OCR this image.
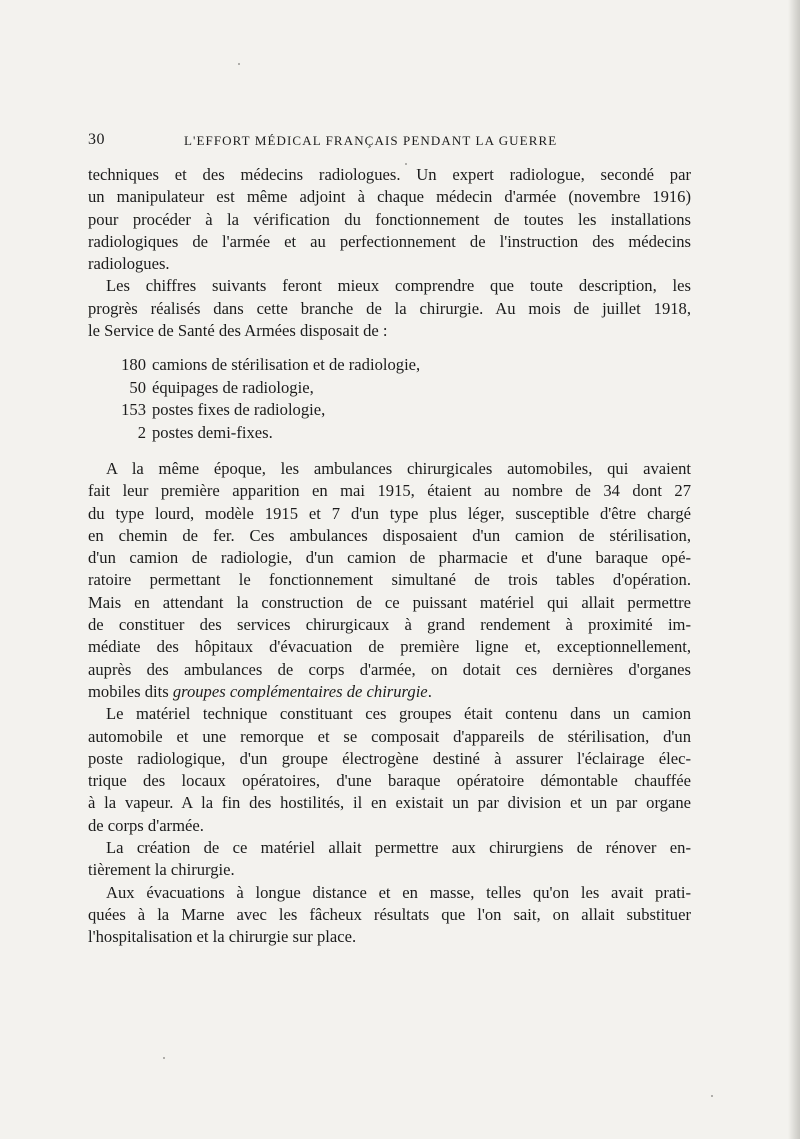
30	L'EFFORT MÉDICAL FRANÇAIS PENDANT LA GUERRE
techniques et des médecins radiologues. Un expert radiologue, secondé par
un manipulateur est même adjoint à chaque médecin d'armée (novembre 1916)
pour procéder à la vérification du fonctionnement de toutes les installations
radiologiques de l'armée et au perfectionnement de l'instruction des médecins
radiologues.
Les chiffres suivants feront mieux comprendre que toute description, les
progrès réalisés dans cette branche de la chirurgie. Au mois de juillet 1918,
le Service de Santé des Armées disposait de :
180 camions de stérilisation et de radiologie,
50 équipages de radiologie,
153 postes fixes de radiologie,
2 postes demi-fixes.
A la même époque, les ambulances chirurgicales automobiles, qui avaient
fait leur première apparition en mai 1915, étaient au nombre de 34 dont 27
du type lourd, modèle 1915 et 7 d'un type plus léger, susceptible d'être chargé
en chemin de fer. Ces ambulances disposaient d'un camion de stérilisation,
d'un camion de radiologie, d'un camion de pharmacie et d'une baraque opé-
ratoire permettant le fonctionnement simultané de trois tables d'opération.
Mais en attendant la construction de ce puissant matériel qui allait permettre
de constituer des services chirurgicaux à grand rendement à proximité im-
médiate des hôpitaux d'évacuation de première ligne et, exceptionnellement,
auprès des ambulances de corps d'armée, on dotait ces dernières d'organes
mobiles dits groupes complémentaires de chirurgie.
Le matériel technique constituant ces groupes était contenu dans un camion
automobile et une remorque et se composait d'appareils de stérilisation, d'un
poste radiologique, d'un groupe électrogène destiné à assurer l'éclairage élec-
trique des locaux opératoires, d'une baraque opératoire démontable chauffée
à la vapeur. A la fin des hostilités, il en existait un par division et un par organe
de corps d'armée.
La création de ce matériel allait permettre aux chirurgiens de rénover en-
tièrement la chirurgie.
Aux évacuations à longue distance et en masse, telles qu'on les avait prati-
quées à la Marne avec les fâcheux résultats que l'on sait, on allait substituer
l'hospitalisation et la chirurgie sur place.
